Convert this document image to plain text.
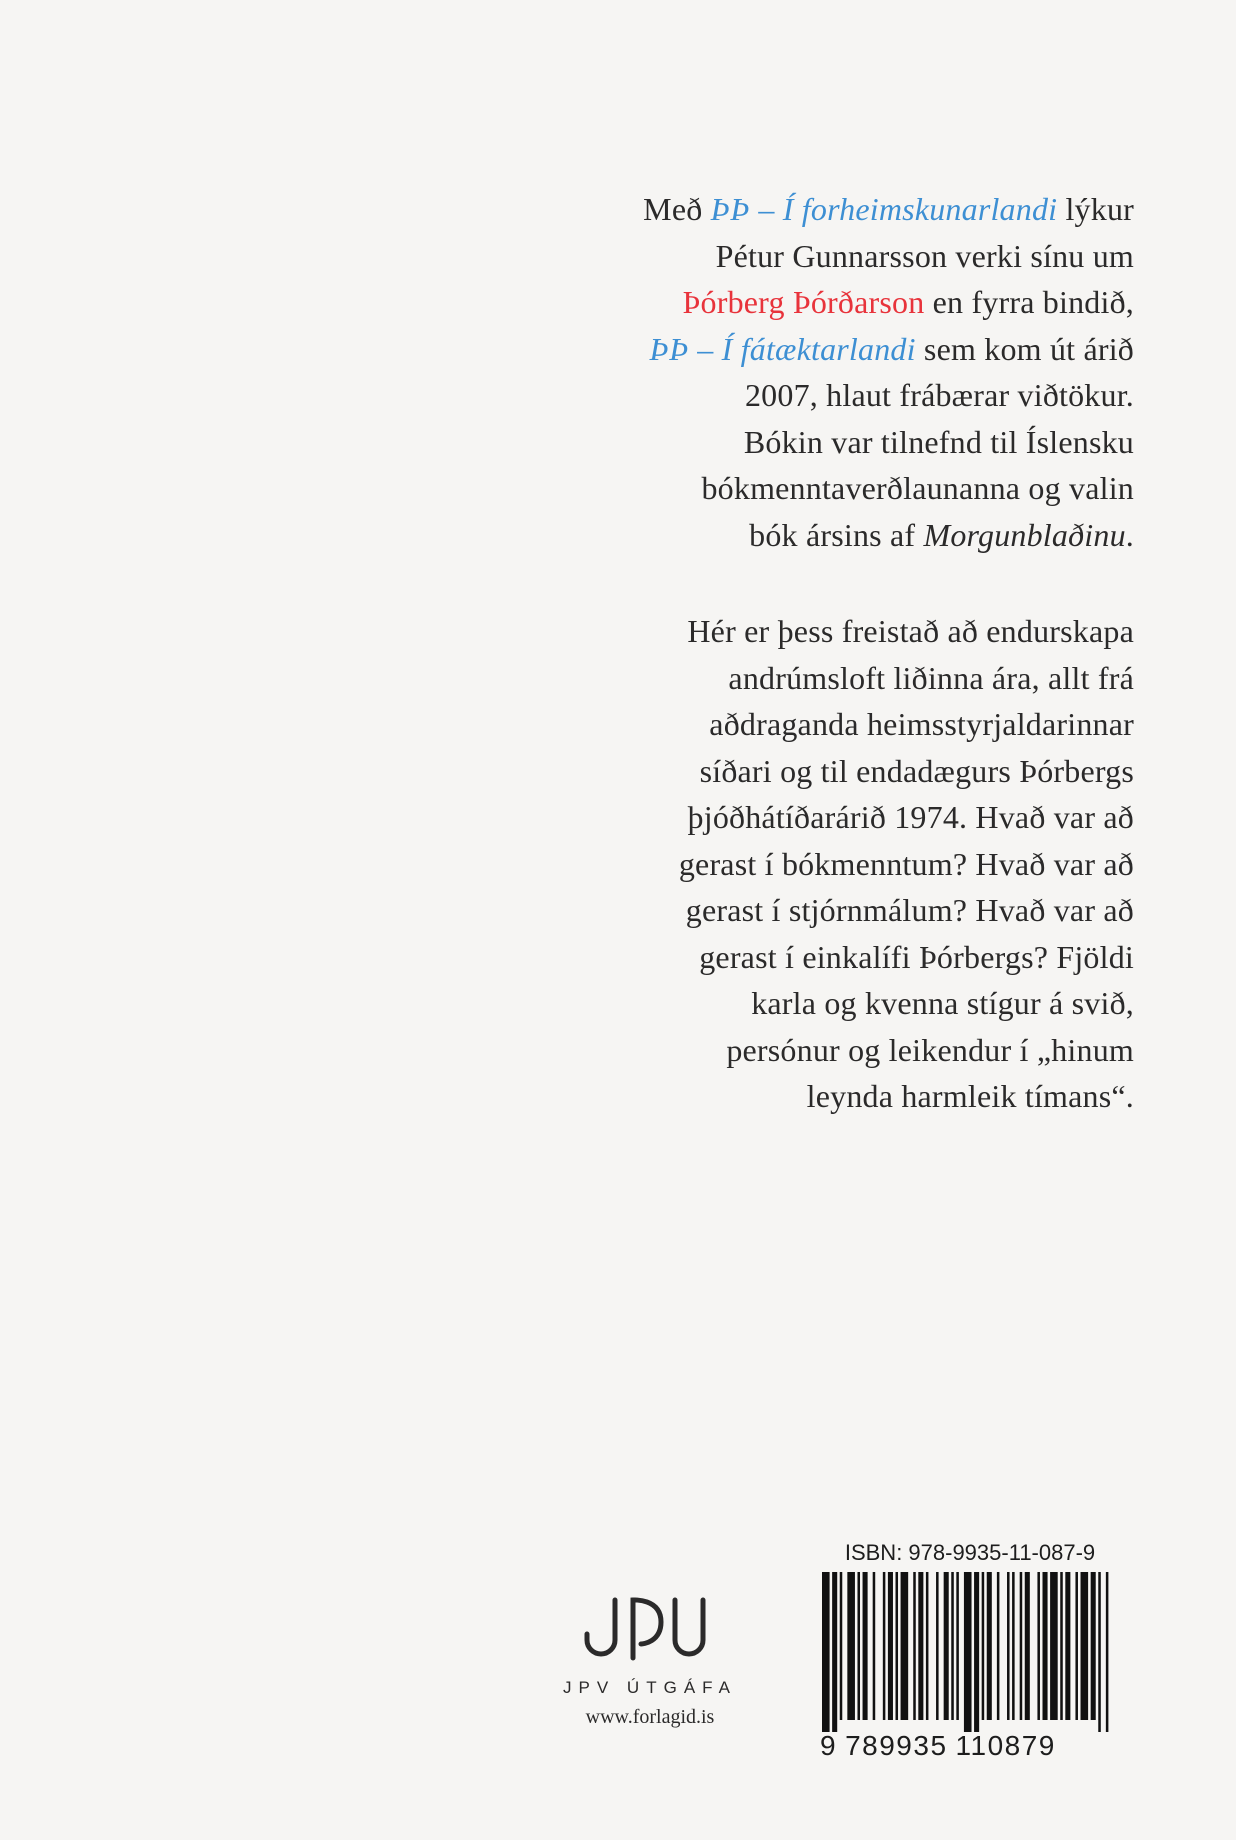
Með ÞÞ – Í forheimskunarlandi lýkur
Pétur Gunnarsson verki sínu um
Þórberg Þórðarson en fyrra bindið,
ÞÞ – Í fátæktarlandi sem kom út árið
2007, hlaut frábærar viðtökur.
Bókin var tilnefnd til Íslensku
bókmenntaverðlaunanna og valin
bók ársins af Morgunblaðinu.
Hér er þess freistað að endurskapa
andrúmsloft liðinna ára, allt frá
aðdraganda heimsstyrjaldarinnar
síðari og til endadægurs Þórbergs
þjóðhátíðarárið 1974. Hvað var að
gerast í bókmenntum? Hvað var að
gerast í stjórnmálum? Hvað var að
gerast í einkalífi Þórbergs? Fjöldi
karla og kvenna stígur á svið,
persónur og leikendur í „hinum
leynda harmleik tímans“.
JPV ÚTGÁFA
www.forlagid.is
ISBN: 978-9935-11-087-9
9 789935 110879
